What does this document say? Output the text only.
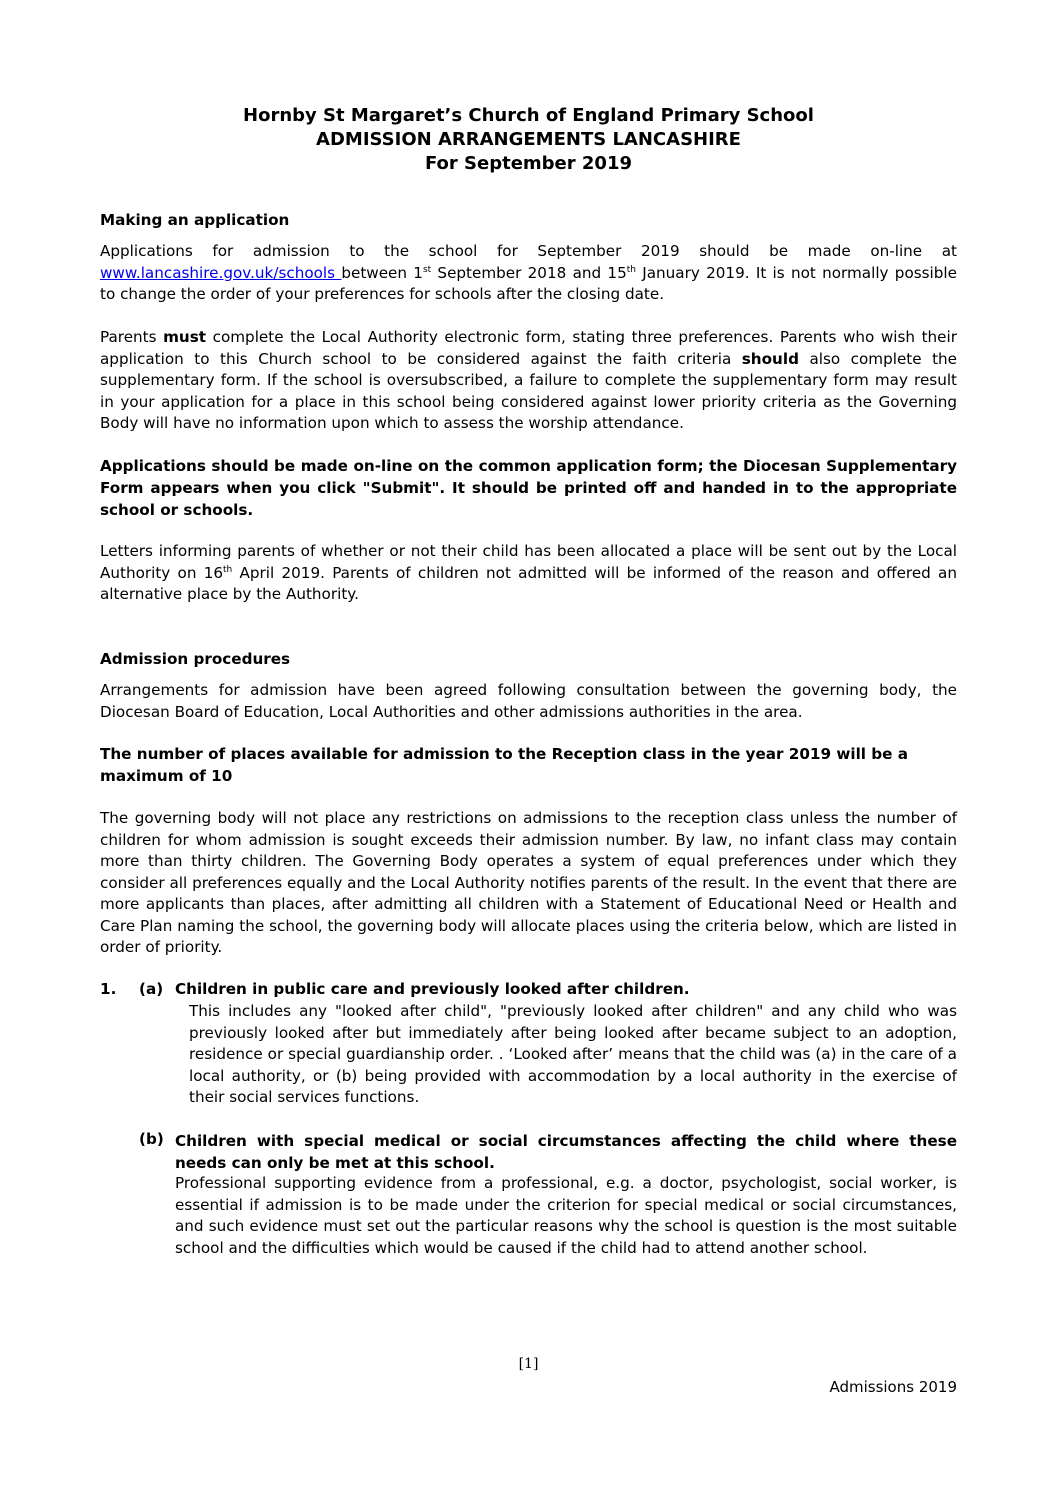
Hornby St Margaret’s Church of England Primary School
ADMISSION ARRANGEMENTS LANCASHIRE
For September 2019
Making an application
Applications for admission to the school for September 2019 should be made on-line at www.lancashire.gov.uk/schools between 1st September 2018 and 15th January 2019. It is not normally possible to change the order of your preferences for schools after the closing date.
Parents must complete the Local Authority electronic form, stating three preferences. Parents who wish their application to this Church school to be considered against the faith criteria should also complete the supplementary form. If the school is oversubscribed, a failure to complete the supplementary form may result in your application for a place in this school being considered against lower priority criteria as the Governing Body will have no information upon which to assess the worship attendance.
Applications should be made on-line on the common application form; the Diocesan Supplementary Form appears when you click "Submit". It should be printed off and handed in to the appropriate school or schools.
Letters informing parents of whether or not their child has been allocated a place will be sent out by the Local Authority on 16th April 2019. Parents of children not admitted will be informed of the reason and offered an alternative place by the Authority.
Admission procedures
Arrangements for admission have been agreed following consultation between the governing body, the Diocesan Board of Education, Local Authorities and other admissions authorities in the area.
The number of places available for admission to the Reception class in the year 2019 will be a maximum of 10
The governing body will not place any restrictions on admissions to the reception class unless the number of children for whom admission is sought exceeds their admission number. By law, no infant class may contain more than thirty children. The Governing Body operates a system of equal preferences under which they consider all preferences equally and the Local Authority notifies parents of the result. In the event that there are more applicants than places, after admitting all children with a Statement of Educational Need or Health and Care Plan naming the school, the governing body will allocate places using the criteria below, which are listed in order of priority.
1. (a) Children in public care and previously looked after children.
This includes any "looked after child", "previously looked after children" and any child who was previously looked after but immediately after being looked after became subject to an adoption, residence or special guardianship order. . ‘Looked after’ means that the child was (a) in the care of a local authority, or (b) being provided with accommodation by a local authority in the exercise of their social services functions.
(b) Children with special medical or social circumstances affecting the child where these needs can only be met at this school.
Professional supporting evidence from a professional, e.g. a doctor, psychologist, social worker, is essential if admission is to be made under the criterion for special medical or social circumstances, and such evidence must set out the particular reasons why the school is question is the most suitable school and the difficulties which would be caused if the child had to attend another school.
[1]
Admissions 2019
